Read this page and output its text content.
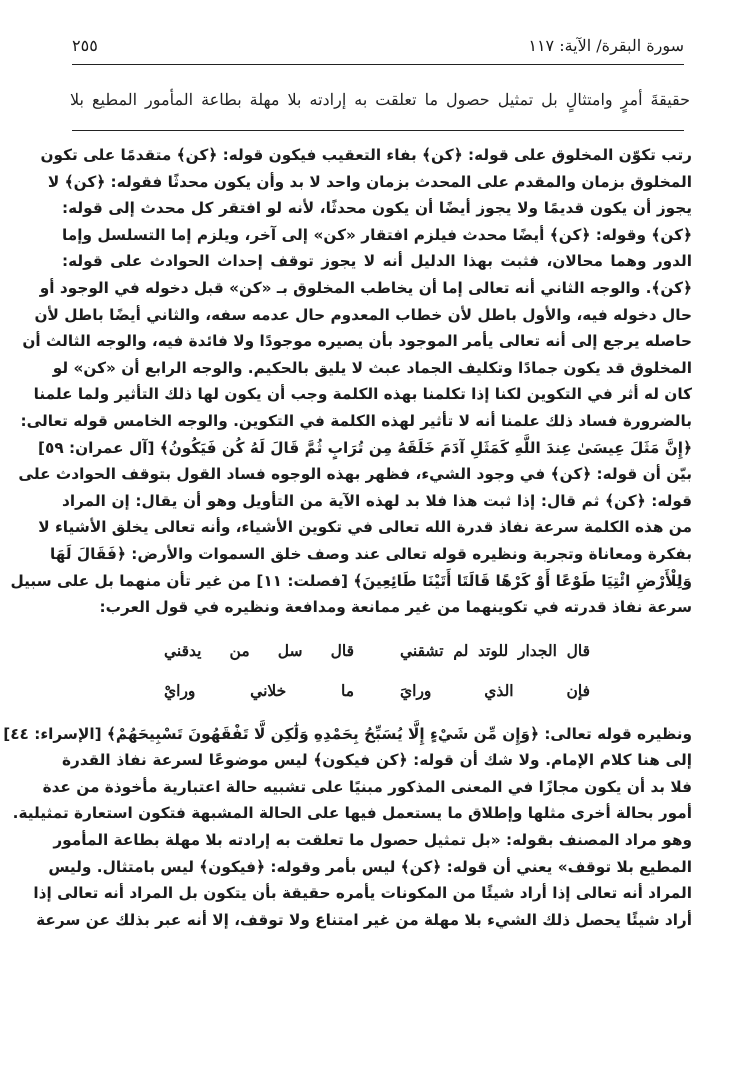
سورة البقرة/ الآية: ١١٧
٢٥٥
حقيقةَ أمرٍ وامتثالٍ بل تمثيل حصول ما تعلقت به إرادته بلا مهلة بطاعة المأمور المطيع بلا
رتب تكوّن المخلوق على قوله: ﴿كن﴾ بفاء التعقيب فيكون قوله: ﴿كن﴾ متقدمًا على تكون
المخلوق بزمان والمقدم على المحدث بزمان واحد لا بد وأن يكون محدثًا فقوله: ﴿كن﴾ لا
يجوز أن يكون قديمًا ولا يجوز أيضًا أن يكون محدثًا، لأنه لو افتقر كل محدث إلى قوله:
﴿كن﴾ وقوله: ﴿كن﴾ أيضًا محدث فيلزم افتقار «كن» إلى آخر، ويلزم إما التسلسل وإما
الدور وهما محالان، فثبت بهذا الدليل أنه لا يجوز توقف إحداث الحوادث على قوله:
﴿كن﴾. والوجه الثاني أنه تعالى إما أن يخاطب المخلوق بـ «كن» قبل دخوله في الوجود أو
حال دخوله فيه، والأول باطل لأن خطاب المعدوم حال عدمه سفه، والثاني أيضًا باطل لأن
حاصله يرجع إلى أنه تعالى يأمر الموجود بأن يصيره موجودًا ولا فائدة فيه، والوجه الثالث أن
المخلوق قد يكون جمادًا وتكليف الجماد عبث لا يليق بالحكيم. والوجه الرابع أن «كن» لو
كان له أثر في التكوين لكنا إذا تكلمنا بهذه الكلمة وجب أن يكون لها ذلك التأثير ولما علمنا
بالضرورة فساد ذلك علمنا أنه لا تأثير لهذه الكلمة في التكوين. والوجه الخامس قوله تعالى:
﴿إِنَّ مَثَلَ عِيسَىٰ عِندَ اللَّهِ كَمَثَلِ آدَمَ خَلَقَهُ مِن تُرَابٍ ثُمَّ قَالَ لَهُ كُن فَيَكُونُ﴾ [آل عمران: ٥٩]
بيّن أن قوله: ﴿كن﴾ في وجود الشيء، فظهر بهذه الوجوه فساد القول بتوقف الحوادث على
قوله: ﴿كن﴾ ثم قال: إذا ثبت هذا فلا بد لهذه الآية من التأويل وهو أن يقال: إن المراد
من هذه الكلمة سرعة نفاذ قدرة الله تعالى في تكوين الأشياء، وأنه تعالى يخلق الأشياء لا
بفكرة ومعاناة وتجربة ونظيره قوله تعالى عند وصف خلق السموات والأرض: ﴿فَقَالَ لَهَا
وَلِلْأَرْضِ ائْتِيَا طَوْعًا أَوْ كَرْهًا قَالَتَا أَتَيْنَا طَائِعِينَ﴾ [فصلت: ١١] من غير تأن منهما بل على سبيل
سرعة نفاذ قدرته في تكوينهما من غير ممانعة ومدافعة ونظيره في قول العرب:
قال الجدار للوتد لم تشقني
قال سل من يدقني
فإن الذي ورايَ
ما خلاني ورايْ
ونظيره قوله تعالى: ﴿وَإِن مِّن شَيْءٍ إِلَّا يُسَبِّحُ بِحَمْدِهِ وَلَٰكِن لَّا تَفْقَهُونَ تَسْبِيحَهُمْ﴾ [الإسراء: ٤٤]
إلى هنا كلام الإمام. ولا شك أن قوله: ﴿كن فيكون﴾ ليس موضوعًا لسرعة نفاذ القدرة
فلا بد أن يكون مجازًا في المعنى المذكور مبنيًا على تشبيه حالة اعتبارية مأخوذة من عدة
أمور بحالة أخرى مثلها وإطلاق ما يستعمل فيها على الحالة المشبهة فتكون استعارة تمثيلية.
وهو مراد المصنف بقوله: «بل تمثيل حصول ما تعلقت به إرادته بلا مهلة بطاعة المأمور
المطيع بلا توقف» يعني أن قوله: ﴿كن﴾ ليس بأمر وقوله: ﴿فيكون﴾ ليس بامتثال. وليس
المراد أنه تعالى إذا أراد شيئًا من المكونات يأمره حقيقة بأن يتكون بل المراد أنه تعالى إذا
أراد شيئًا يحصل ذلك الشيء بلا مهلة من غير امتناع ولا توقف، إلا أنه عبر بذلك عن سرعة
